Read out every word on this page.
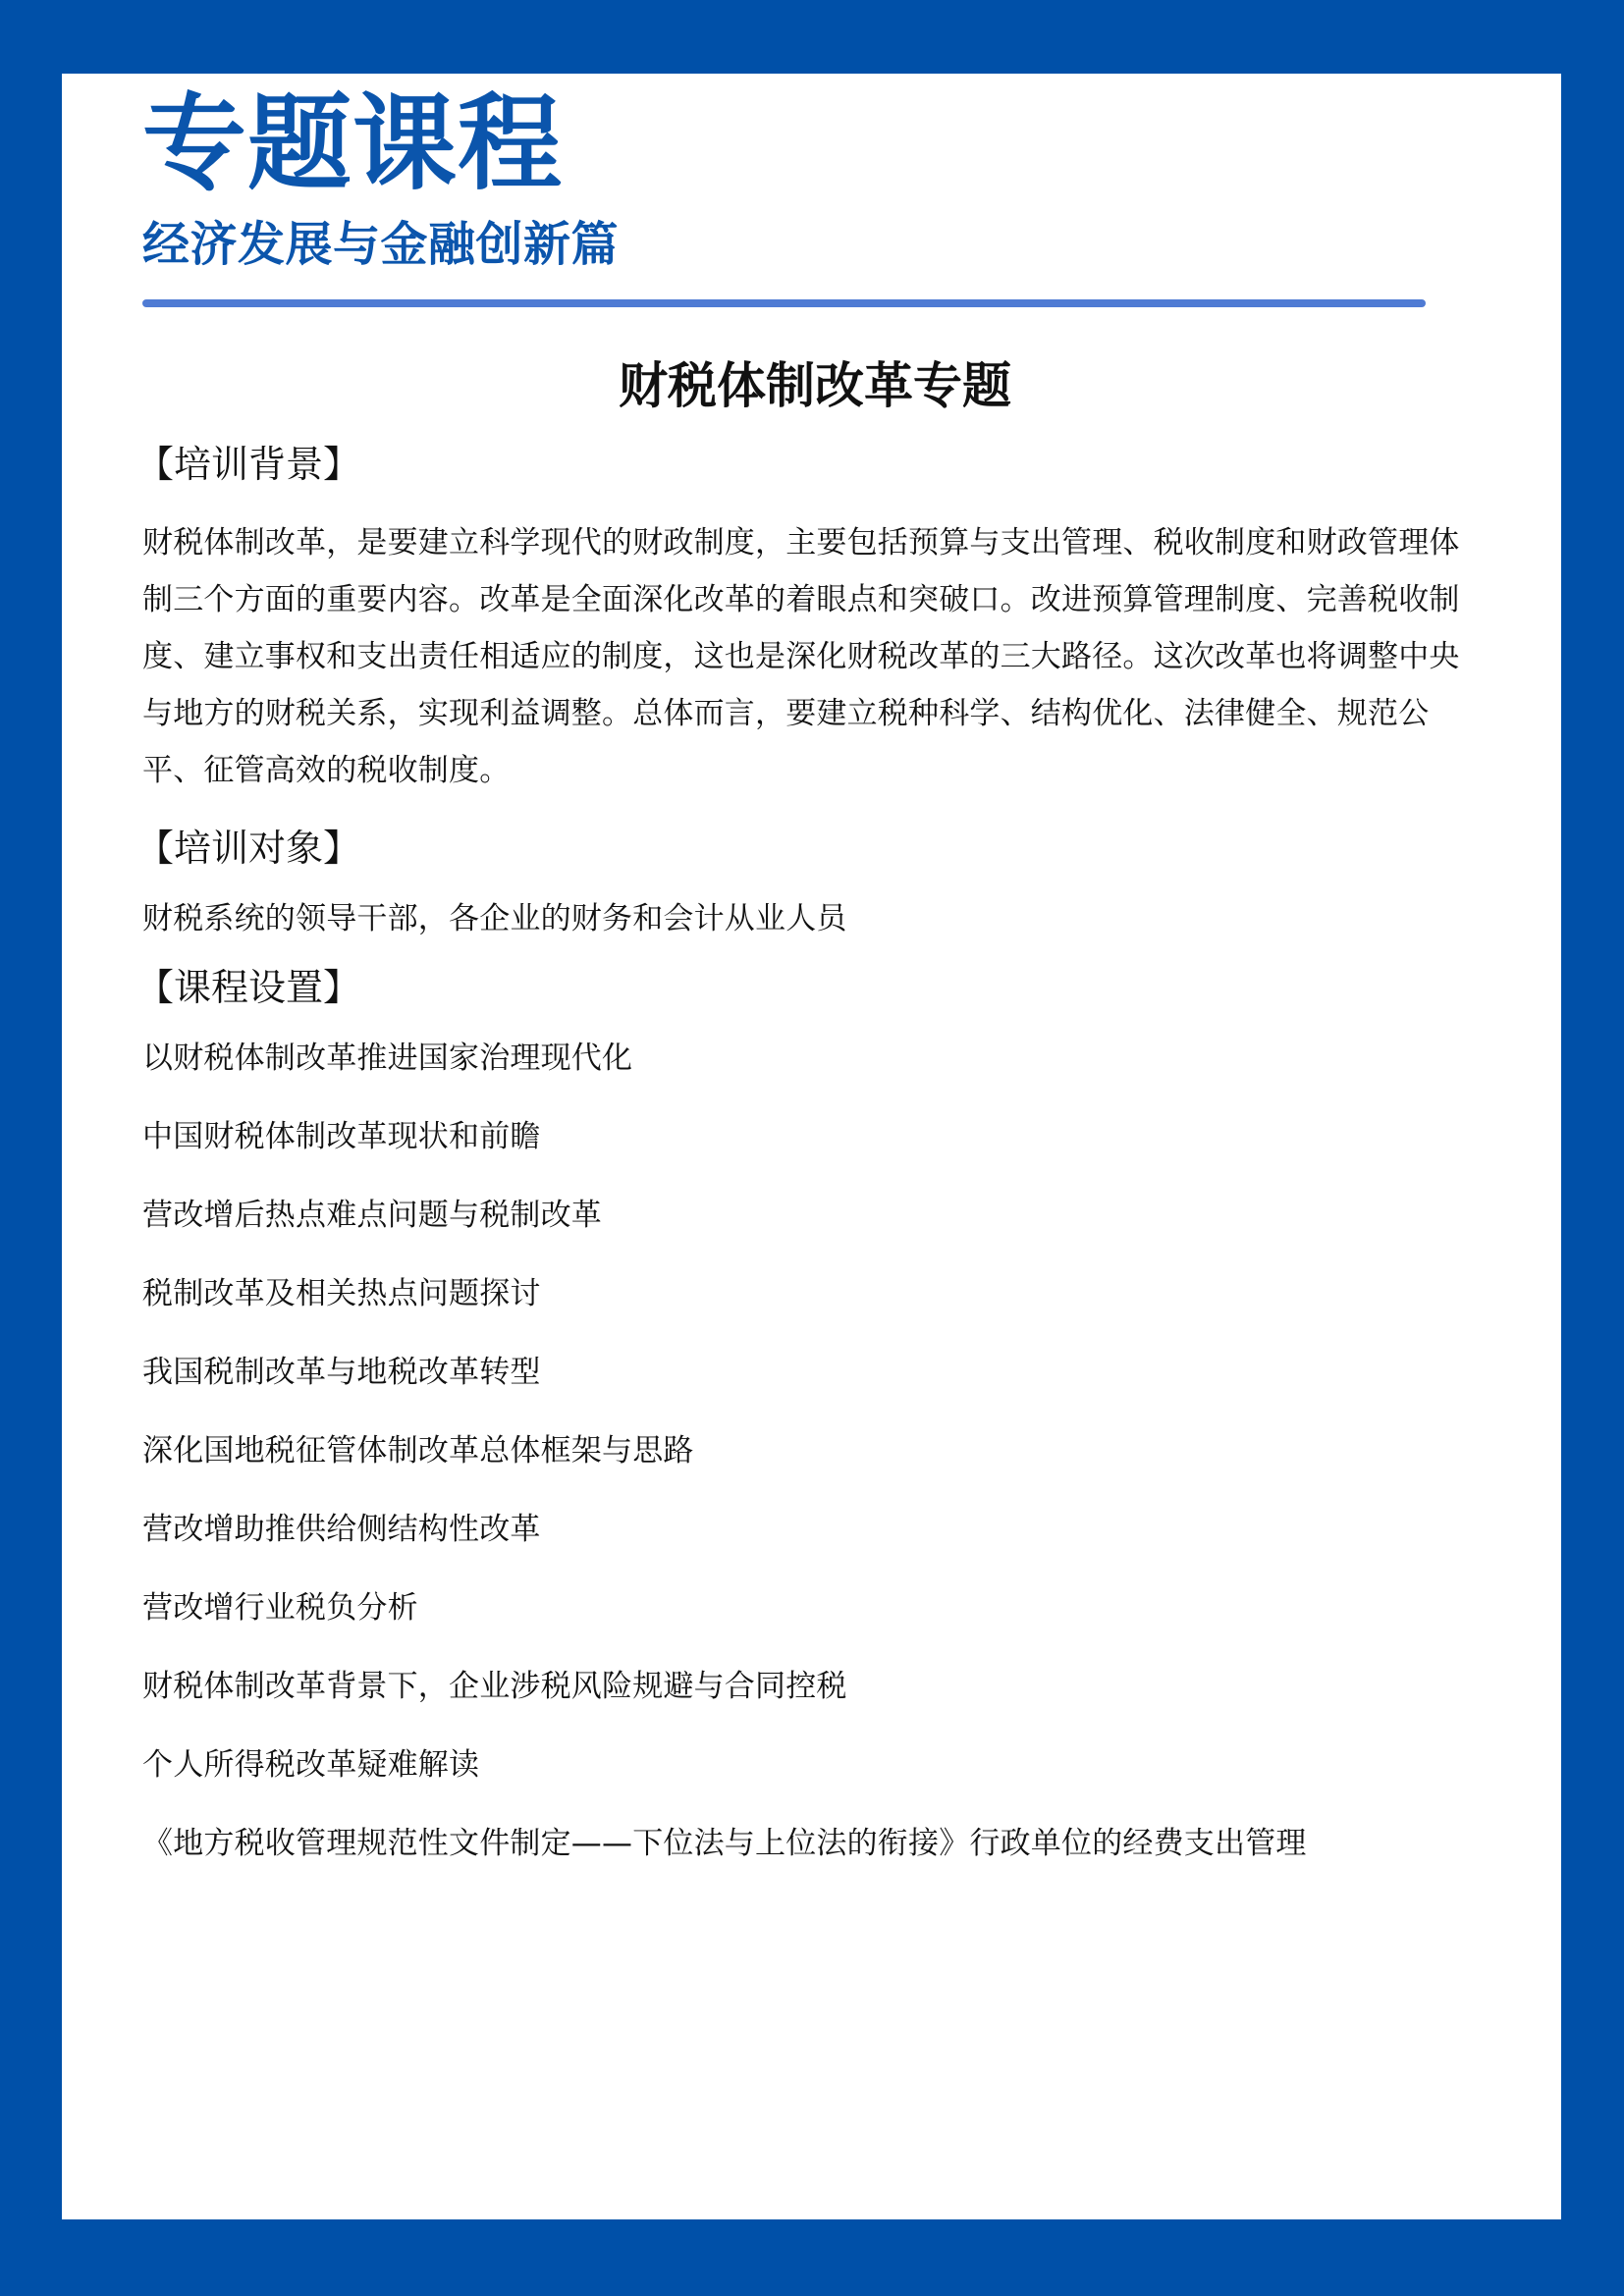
专题课程
经济发展与金融创新篇
财税体制改革专题
【培训背景】

财税体制改革，是要建立科学现代的财政制度，主要包括预算与支出管理、税收制度和财政管理体制三个方面的重要内容。改革是全面深化改革的着眼点和突破口。改进预算管理制度、完善税收制度、建立事权和支出责任相适应的制度，这也是深化财税改革的三大路径。这次改革也将调整中央与地方的财税关系，实现利益调整。总体而言，要建立税种科学、结构优化、法律健全、规范公平、征管高效的税收制度。

【培训对象】

财税系统的领导干部，各企业的财务和会计从业人员

【课程设置】
以财税体制改革推进国家治理现代化
中国财税体制改革现状和前瞻
营改增后热点难点问题与税制改革
税制改革及相关热点问题探讨
我国税制改革与地税改革转型
深化国地税征管体制改革总体框架与思路
营改增助推供给侧结构性改革
营改增行业税负分析
财税体制改革背景下，企业涉税风险规避与合同控税
个人所得税改革疑难解读
《地方税收管理规范性文件制定——下位法与上位法的衔接》行政单位的经费支出管理
